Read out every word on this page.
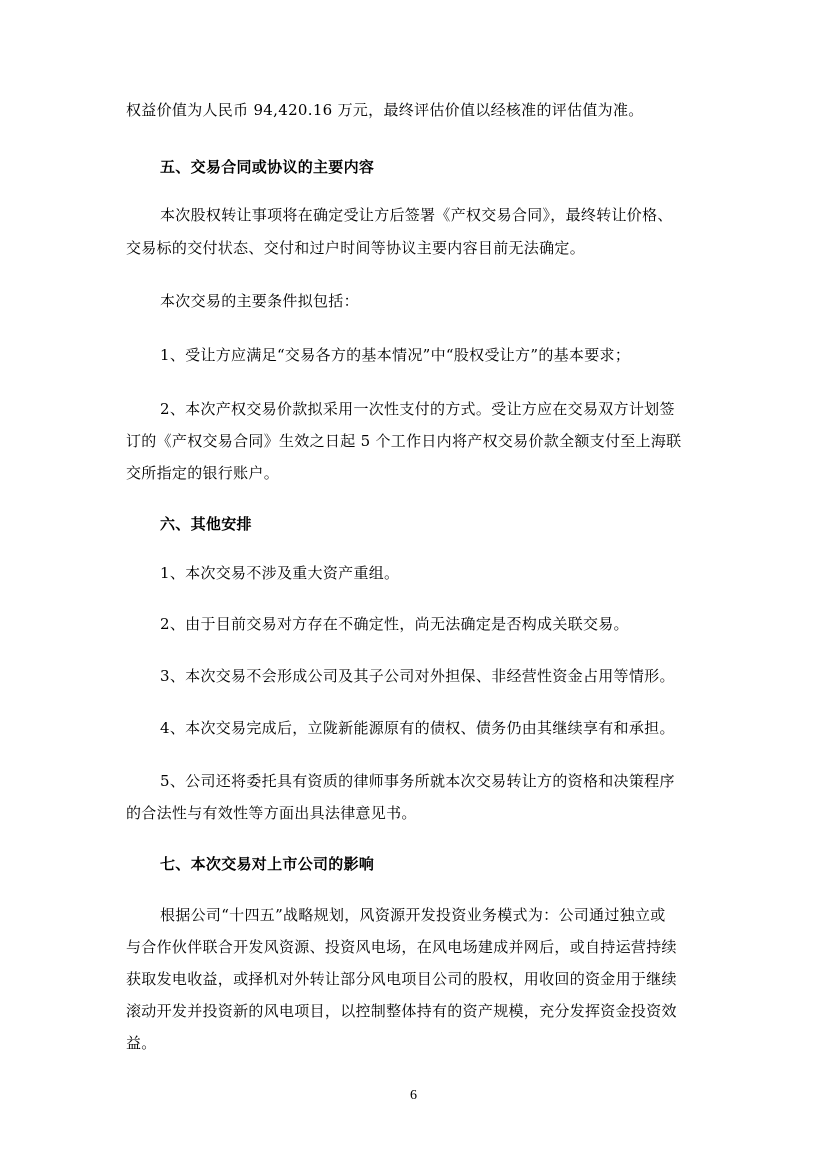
权益价值为人民币 94,420.16 万元，最终评估价值以经核准的评估值为准。
五、交易合同或协议的主要内容
本次股权转让事项将在确定受让方后签署《产权交易合同》，最终转让价格、
交易标的交付状态、交付和过户时间等协议主要内容目前无法确定。
本次交易的主要条件拟包括：
1、受让方应满足“交易各方的基本情况”中“股权受让方”的基本要求；
2、本次产权交易价款拟采用一次性支付的方式。受让方应在交易双方计划签
订的《产权交易合同》生效之日起 5 个工作日内将产权交易价款全额支付至上海联
交所指定的银行账户。
六、其他安排
1、本次交易不涉及重大资产重组。
2、由于目前交易对方存在不确定性，尚无法确定是否构成关联交易。
3、本次交易不会形成公司及其子公司对外担保、非经营性资金占用等情形。
4、本次交易完成后，立陇新能源原有的债权、债务仍由其继续享有和承担。
5、公司还将委托具有资质的律师事务所就本次交易转让方的资格和决策程序
的合法性与有效性等方面出具法律意见书。
七、本次交易对上市公司的影响
根据公司“十四五”战略规划，风资源开发投资业务模式为：公司通过独立或
与合作伙伴联合开发风资源、投资风电场，在风电场建成并网后，或自持运营持续
获取发电收益，或择机对外转让部分风电项目公司的股权，用收回的资金用于继续
滚动开发并投资新的风电项目，以控制整体持有的资产规模，充分发挥资金投资效
益。
6
